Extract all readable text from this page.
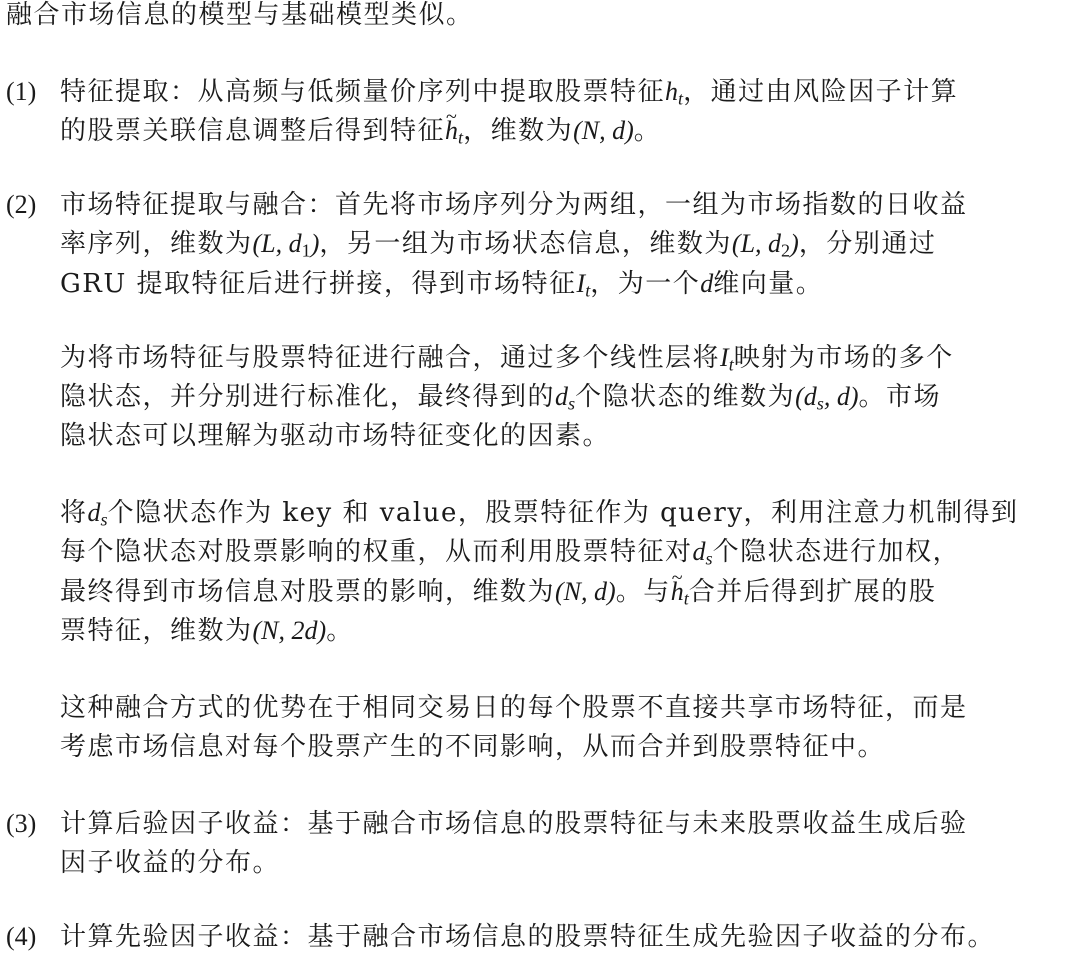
融合市场信息的模型与基础模型类似。
(1) 特征提取：从高频与低频量价序列中提取股票特征$h_t$，通过由风险因子计算
的股票关联信息调整后得到特征~ $h_t$，维数为(N, d)。
(2) 市场特征提取与融合：首先将市场序列分为两组，一组为市场指数的日收益
率序列，维数为(L, $d_1$)，另一组为市场状态信息，维数为(L, $d_2$)，分别通过
GRU 提取特征后进行拼接，得到市场特征$I_t$，为一个d维向量。
为将市场特征与股票特征进行融合，通过多个线性层将$I_t$映射为市场的多个
隐状态，并分别进行标准化，最终得到的$d_s$个隐状态的维数为($d_s$, d)。市场
隐状态可以理解为驱动市场特征变化的因素。
将$d_s$个隐状态作为 key 和 value，股票特征作为 query，利用注意力机制得到
每个隐状态对股票影响的权重，从而利用股票特征对$d_s$个隐状态进行加权，
最终得到市场信息对股票的影响，维数为(N, d)。与~ $h_t$合并后得到扩展的股
票特征，维数为(N, 2d)。
这种融合方式的优势在于相同交易日的每个股票不直接共享市场特征，而是
考虑市场信息对每个股票产生的不同影响，从而合并到股票特征中。
(3) 计算后验因子收益：基于融合市场信息的股票特征与未来股票收益生成后验
因子收益的分布。
(4) 计算先验因子收益：基于融合市场信息的股票特征生成先验因子收益的分布。
